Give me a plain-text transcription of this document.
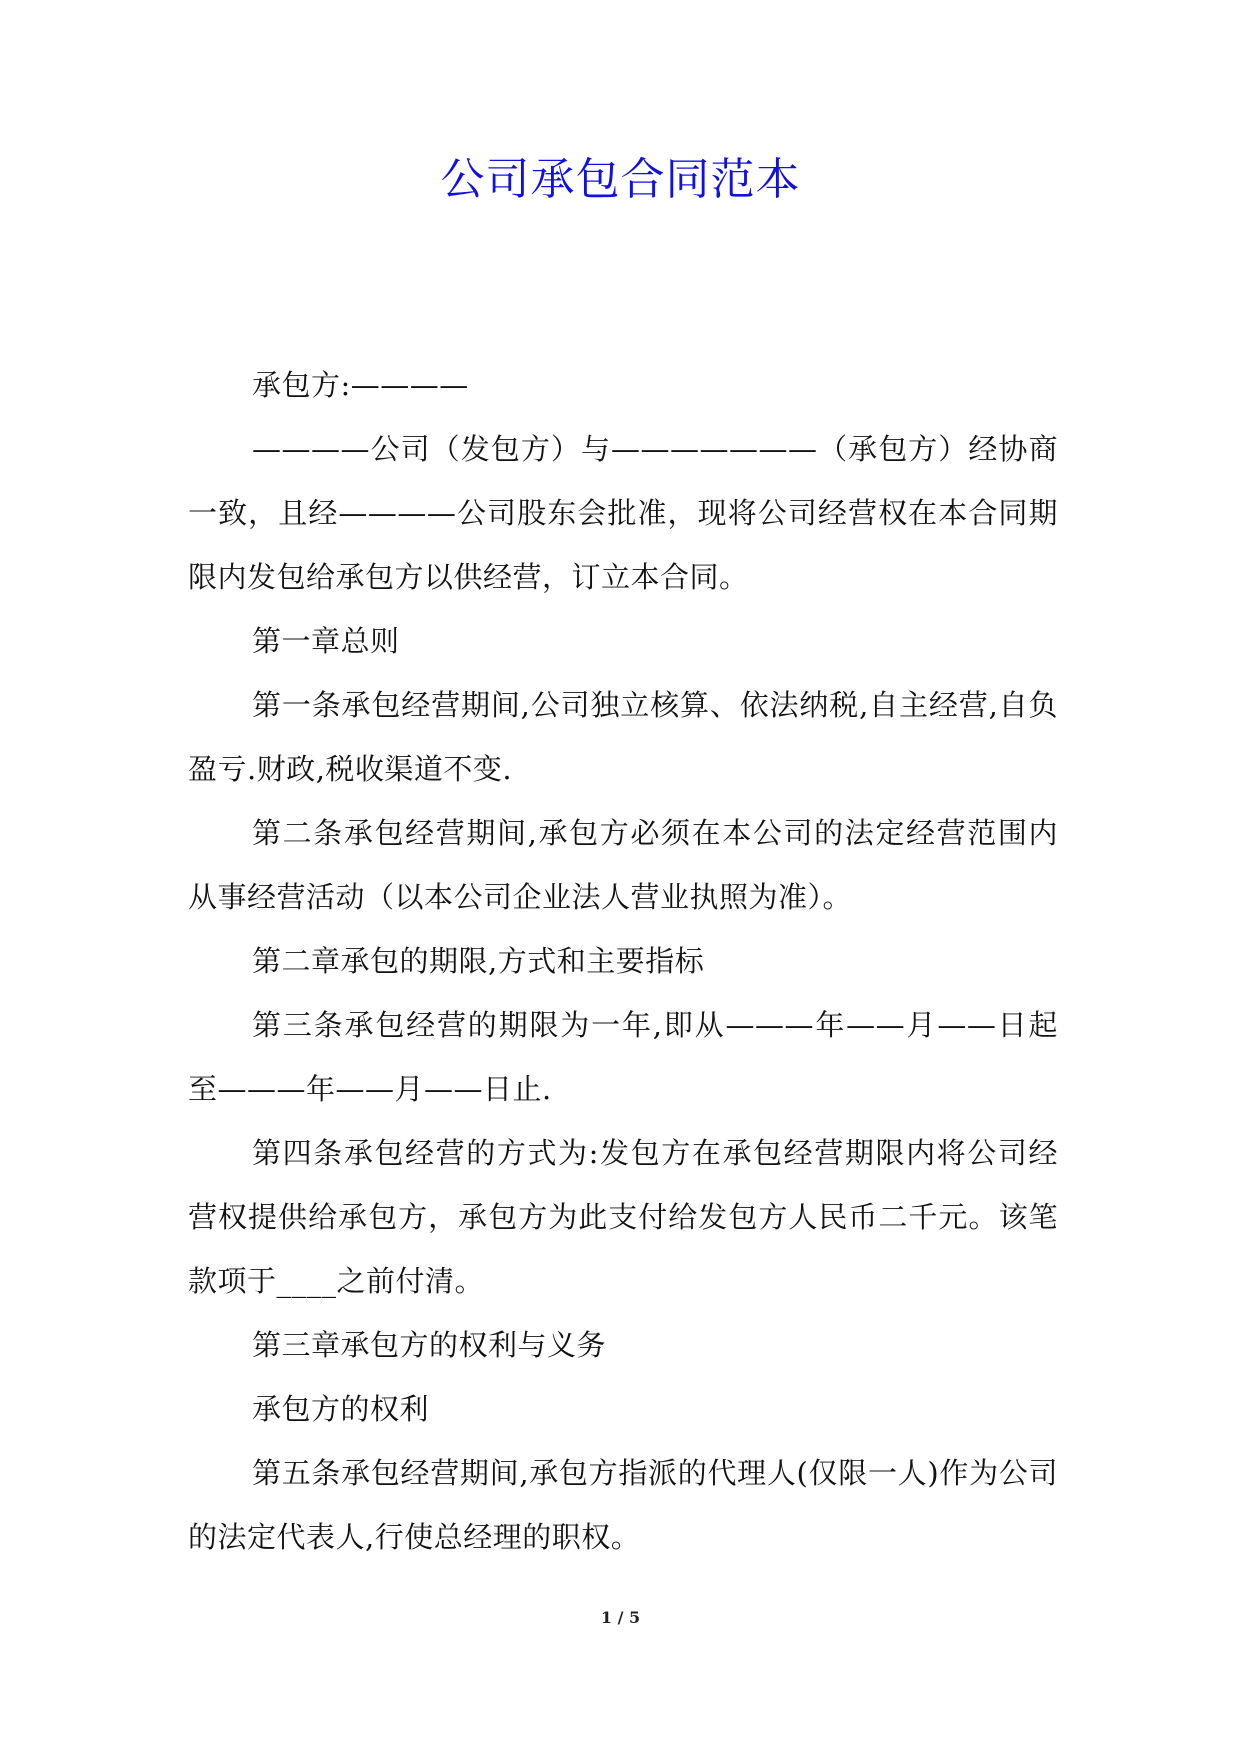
公司承包合同范本

承包方:————

————公司（发包方）与———————（承包方）经协商一致，且经————公司股东会批准，现将公司经营权在本合同期限内发包给承包方以供经营，订立本合同。

第一章总则

第一条承包经营期间,公司独立核算、依法纳税,自主经营,自负盈亏.财政,税收渠道不变.

第二条承包经营期间,承包方必须在本公司的法定经营范围内从事经营活动（以本公司企业法人营业执照为准）。

第二章承包的期限,方式和主要指标

第三条承包经营的期限为一年,即从———年——月——日起至———年——月——日止.

第四条承包经营的方式为:发包方在承包经营期限内将公司经营权提供给承包方，承包方为此支付给发包方人民币二千元。该笔款项于____之前付清。

第三章承包方的权利与义务

承包方的权利

第五条承包经营期间,承包方指派的代理人(仅限一人)作为公司的法定代表人,行使总经理的职权。

1 / 5
